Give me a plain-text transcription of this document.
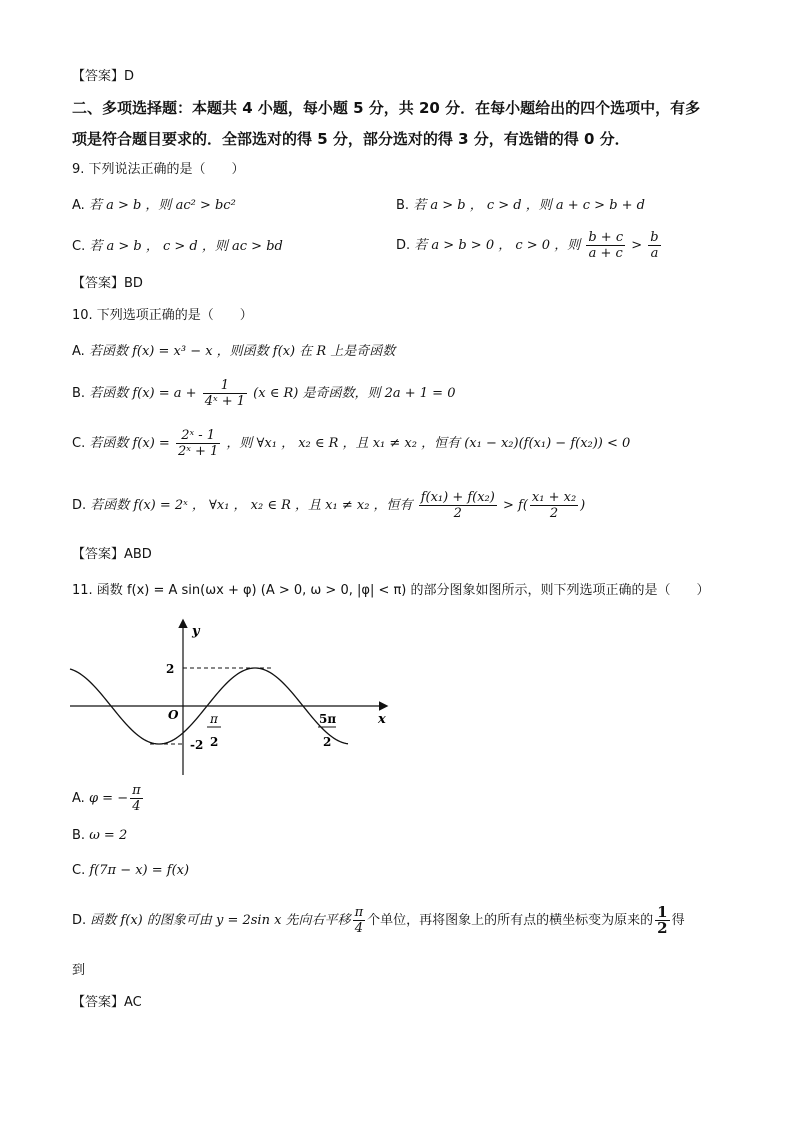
【答案】D
二、多项选择题：本题共 4 小题，每小题 5 分，共 20 分．在每小题给出的四个选项中，有多
项是符合题目要求的．全部选对的得 5 分，部分选对的得 3 分，有选错的得 0 分．
9. 下列说法正确的是（　　）
A. 若 a > b ，则 ac² > bc²	B. 若 a > b ， c > d ，则 a + c > b + d
C. 若 a > b ， c > d ，则 ac > bd	D. 若 a > b > 0 ， c > 0 ，则 $\frac{b + c}{a + c} > \frac{b}{a}$
【答案】BD
10. 下列选项正确的是（　　）
A. 若函数 f(x) = x³ − x ，则函数 f(x) 在 R 上是奇函数
B. 若函数 $f(x) = a + \frac{1}{\text{4ˣ + 1}} (x$ ∈ R) 是奇函数，则 2a + 1 = 0
C. 若函数 $f(x) = \frac{\text{2ˣ - 1}}{\text{2ˣ + 1}}$ ，则 ∀x₁ ， x₂ ∈ R ，且 x₁ ≠ x₂ ，恒有 (x₁ − x₂)(f(x₁) − f(x₂)) < 0
D. 若函数 f(x) = 2ˣ ， ∀x₁ ， x₂ ∈ R ，且 x₁ ≠ x₂ ，恒有 $\frac{\text{f(x₁) + f(x₂)}}{2} > f( \frac{\text{x₁ + x₂}}{2}$ )
【答案】ABD
11. 函数 f(x) = A sin(ωx + φ) (A > 0, ω > 0, |φ| < π) 的部分图象如图所示，则下列选项正确的是（　　）
y
x
O
2
-2
π
2
5π
2
A. φ = − $\frac{\pi}{4}$
B. ω = 2
C. f(7π − x) = f(x)
D. 函数 f(x) 的图象可由 y = 2sin x 先向右平移 $\frac{\pi}{4}$ 个单位，再将图象上的所有点的横坐标变为原来的 $\frac{1}{2}$ 得
到
【答案】AC
